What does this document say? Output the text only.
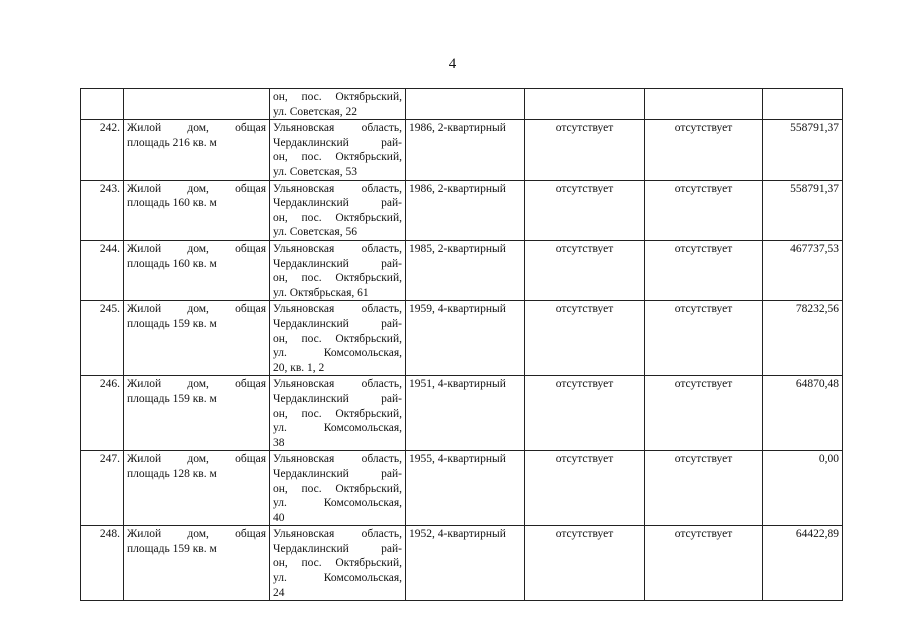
4

		он, пос. Октябрьский,
ул. Советская, 22				

242.	Жилой дом, общая
площадь 216 кв. м	Ульяновская область,
Чердаклинский рай-
он, пос. Октябрьский,
ул. Советская, 53	1986, 2-квартирный	отсутствует	отсутствует	558791,37
243.	Жилой дом, общая
площадь 160 кв. м	Ульяновская область,
Чердаклинский рай-
он, пос. Октябрьский,
ул. Советская, 56	1986, 2-квартирный	отсутствует	отсутствует	558791,37
244.	Жилой дом, общая
площадь 160 кв. м	Ульяновская область,
Чердаклинский рай-
он, пос. Октябрьский,
ул. Октябрьская, 61	1985, 2-квартирный	отсутствует	отсутствует	467737,53
245.	Жилой дом, общая
площадь 159 кв. м	Ульяновская область,
Чердаклинский рай-
он, пос. Октябрьский,
ул. Комсомольская,
20, кв. 1, 2	1959, 4-квартирный	отсутствует	отсутствует	78232,56
246.	Жилой дом, общая
площадь 159 кв. м	Ульяновская область,
Чердаклинский рай-
он, пос. Октябрьский,
ул. Комсомольская,
38	1951, 4-квартирный	отсутствует	отсутствует	64870,48
247.	Жилой дом, общая
площадь 128 кв. м	Ульяновская область,
Чердаклинский рай-
он, пос. Октябрьский,
ул. Комсомольская,
40	1955, 4-квартирный	отсутствует	отсутствует	0,00
248.	Жилой дом, общая
площадь 159 кв. м	Ульяновская область,
Чердаклинский рай-
он, пос. Октябрьский,
ул. Комсомольская,
24	1952, 4-квартирный	отсутствует	отсутствует	64422,89
